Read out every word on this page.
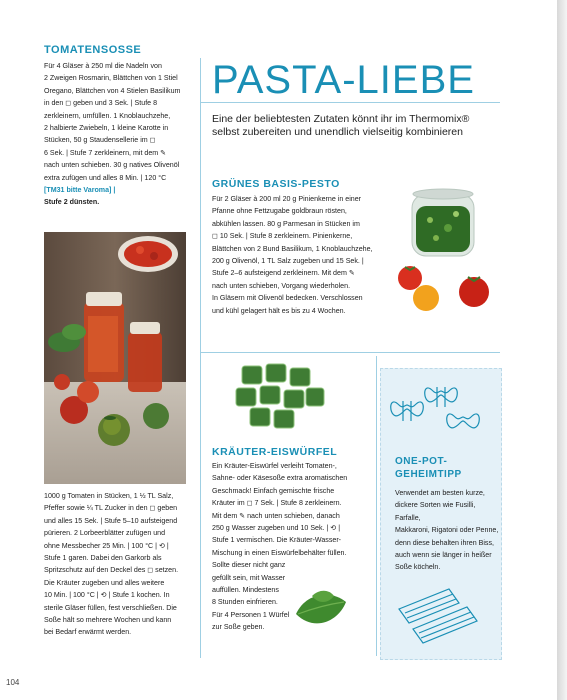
TOMATENSOSSE
Für 4 Gläser à 250 ml die Nadeln von
2 Zweigen Rosmarin, Blättchen von 1 Stiel
Oregano, Blättchen von 4 Stielen Basilikum
in den ◻ geben und 3 Sek. | Stufe 8
zerkleinern, umfüllen. 1 Knoblauchzehe,
2 halbierte Zwiebeln, 1 kleine Karotte in
Stücken, 50 g Staudensellerie im ◻
6 Sek. | Stufe 7 zerkleinern, mit dem ✎
nach unten schieben. 30 g natives Olivenöl
extra zufügen und alles 8 Min. | 120 °C
[TM31 bitte Varoma] |
Stufe 2 dünsten.
1000 g Tomaten in Stücken, 1 ½ TL Salz,
Pfeffer sowie ¼ TL Zucker in den ◻ geben
und alles 15 Sek. | Stufe 5–10 aufsteigend
pürieren. 2 Lorbeerblätter zufügen und
ohne Messbecher 25 Min. | 100 °C | ⟲ |
Stufe 1 garen. Dabei den Garkorb als
Spritzschutz auf den Deckel des ◻ setzen.
Die Kräuter zugeben und alles weitere
10 Min. | 100 °C | ⟲ | Stufe 1 kochen. In
sterile Gläser füllen, fest verschließen. Die
Soße hält so mehrere Wochen und kann
bei Bedarf erwärmt werden.
PASTA-LIEBE
Eine der beliebtesten Zutaten könnt ihr im Thermomix®
selbst zubereiten und unendlich vielseitig kombinieren
GRÜNES BASIS-PESTO
Für 2 Gläser à 200 ml 20 g Pinienkerne in einer
Pfanne ohne Fettzugabe goldbraun rösten,
abkühlen lassen. 80 g Parmesan in Stücken im
◻ 10 Sek. | Stufe 8 zerkleinern. Pinienkerne,
Blättchen von 2 Bund Basilikum, 1 Knoblauchzehe,
200 g Olivenöl, 1 TL Salz zugeben und 15 Sek. |
Stufe 2–6 aufsteigend zerkleinern. Mit dem ✎
nach unten schieben, Vorgang wiederholen.
In Gläsern mit Olivenöl bedecken. Verschlossen
und kühl gelagert hält es bis zu 4 Wochen.
KRÄUTER-EISWÜRFEL
Ein Kräuter-Eiswürfel verleiht Tomaten-,
Sahne- oder Käsesoße extra aromatischen
Geschmack! Einfach gemischte frische
Kräuter im ◻ 7 Sek. | Stufe 8 zerkleinern.
Mit dem ✎ nach unten schieben, danach
250 g Wasser zugeben und 10 Sek. | ⟲ |
Stufe 1 vermischen. Die Kräuter-Wasser-
Mischung in einen Eiswürfelbehälter füllen.
Sollte dieser nicht ganz
gefüllt sein, mit Wasser
auffüllen. Mindestens
8 Stunden einfrieren.
Für 4 Personen 1 Würfel
zur Soße geben.
ONE-POT-
GEHEIMTIPP
Verwendet am besten kurze,
dickere Sorten wie Fusilli, Farfalle,
Makkaroni, Rigatoni oder Penne,
denn diese behalten ihren Biss,
auch wenn sie länger in heißer
Soße köcheln.
104
